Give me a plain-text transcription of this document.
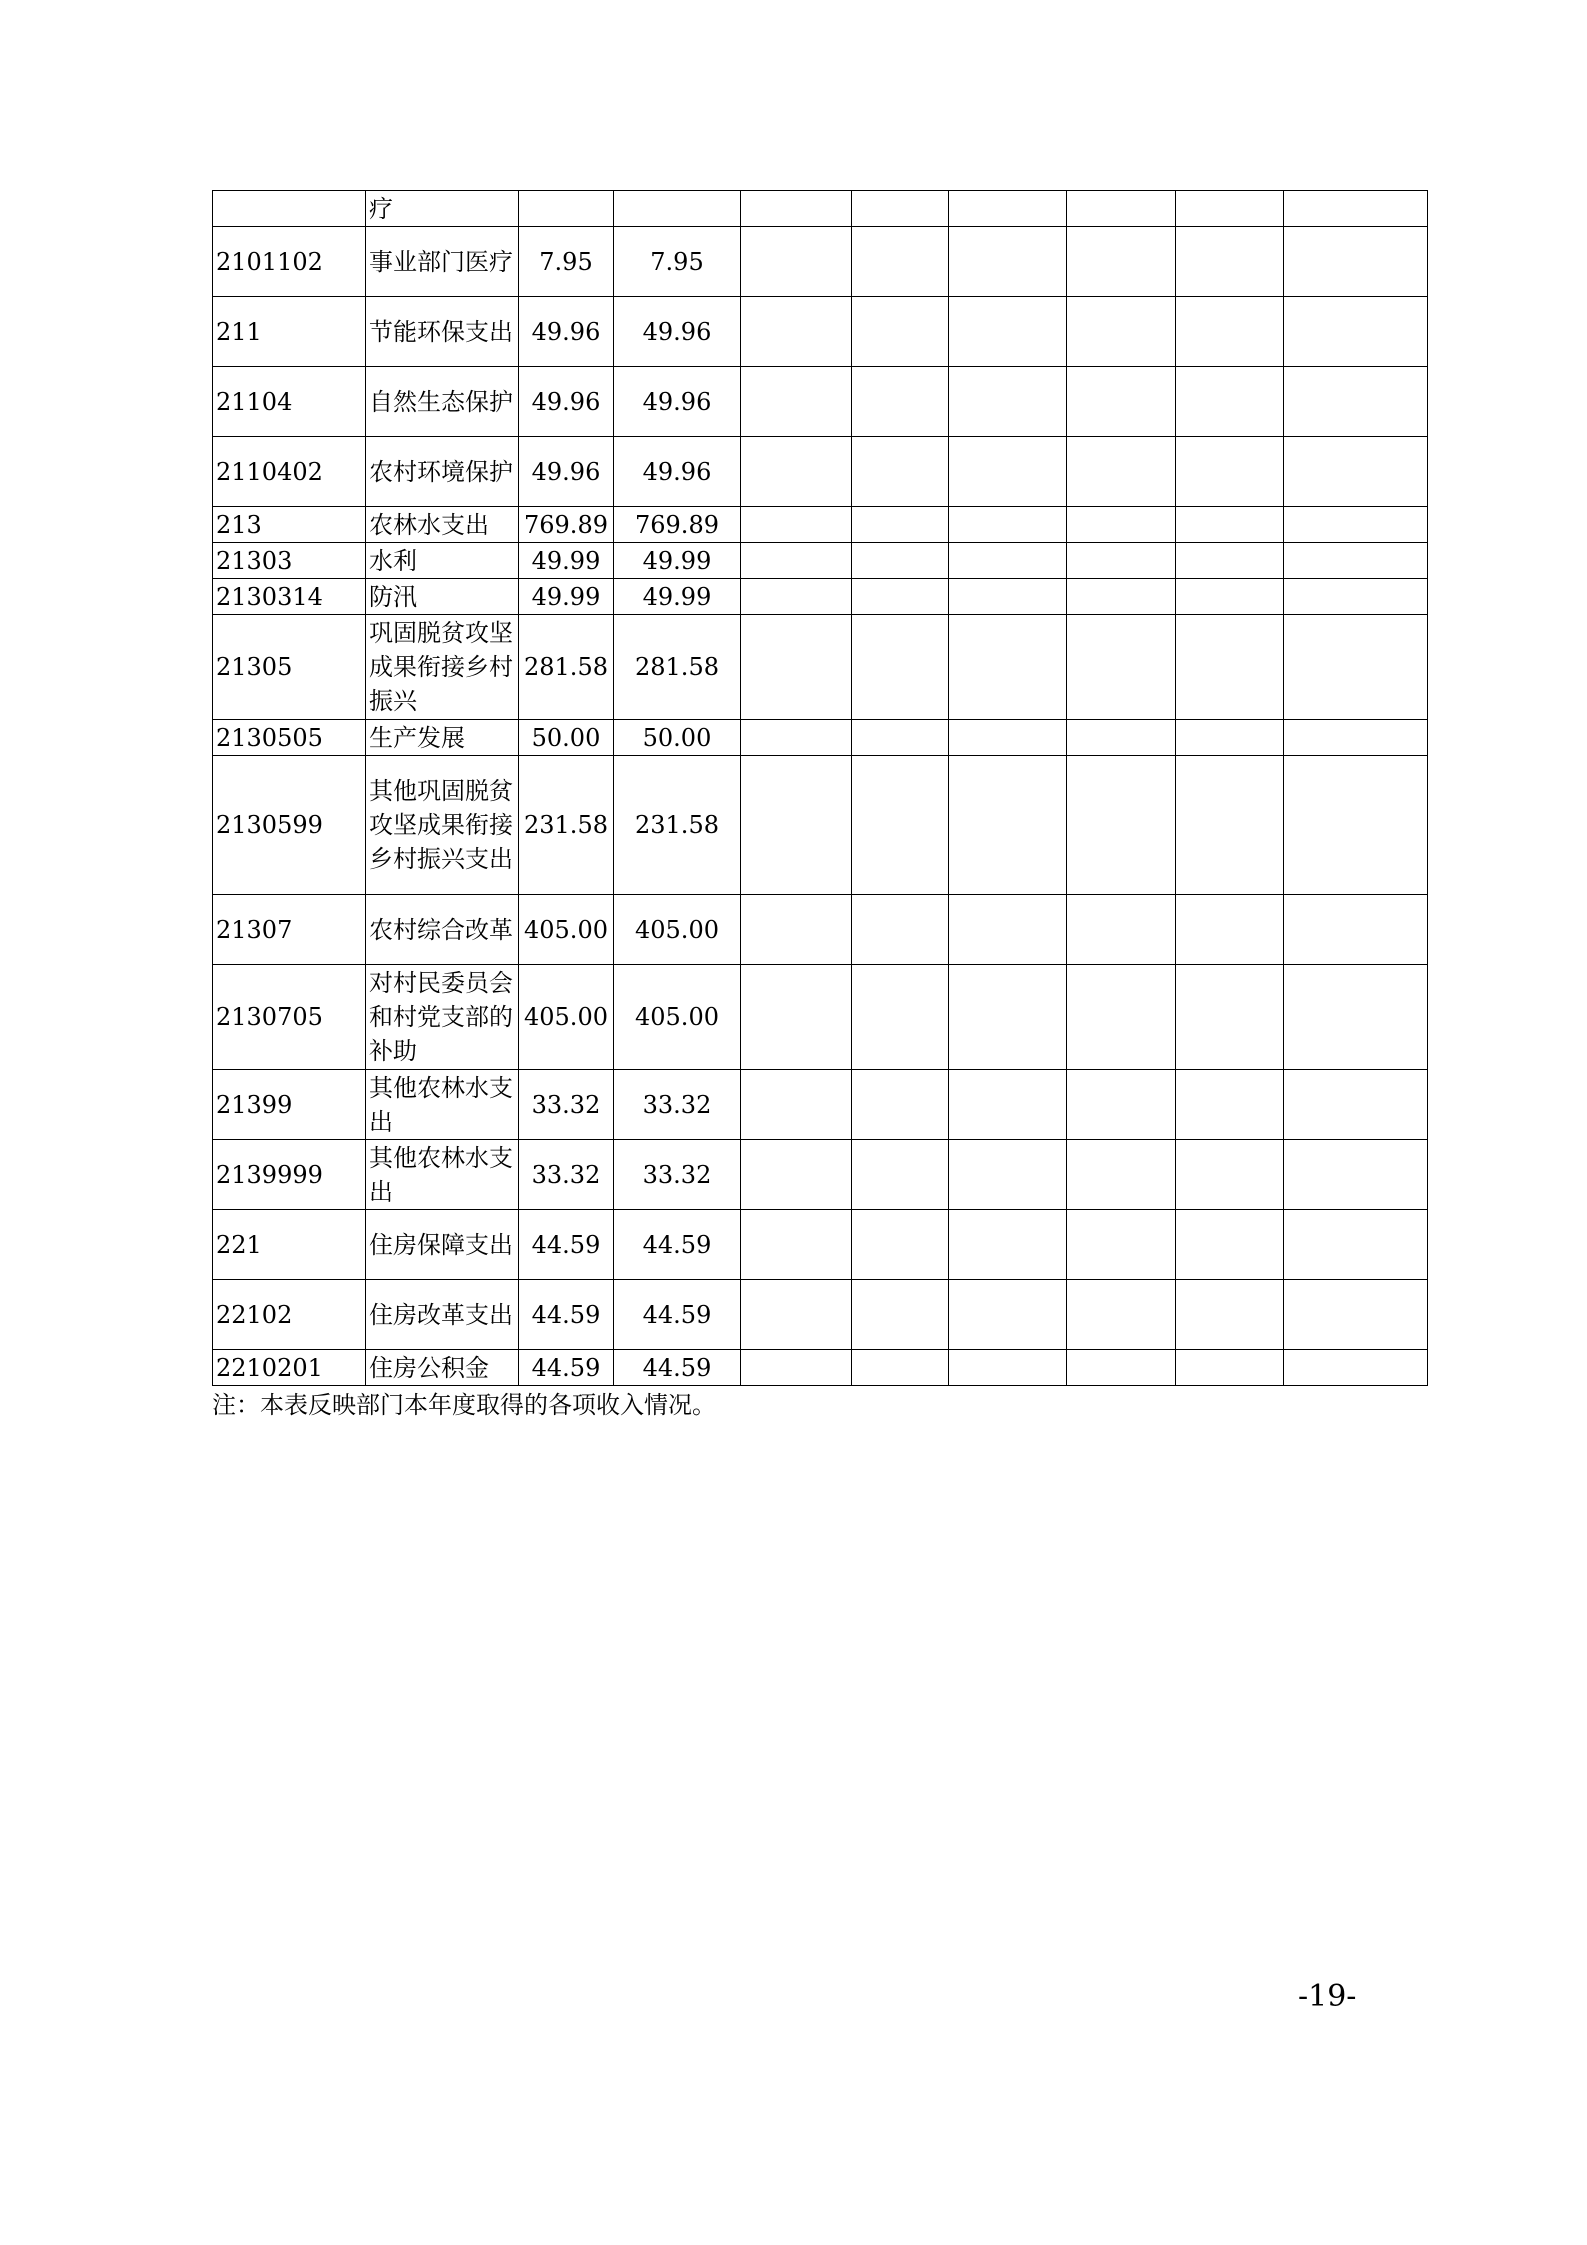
	疗								
2101102	事业部门医疗	7.95	7.95						
211	节能环保支出	49.96	49.96						
21104	自然生态保护	49.96	49.96						
2110402	农村环境保护	49.96	49.96						
213	农林水支出	769.89	769.89						
21303	水利	49.99	49.99						
2130314	防汛	49.99	49.99						
21305	巩固脱贫攻坚成果衔接乡村振兴	281.58	281.58						
2130505	生产发展	50.00	50.00						
2130599	其他巩固脱贫攻坚成果衔接乡村振兴支出	231.58	231.58						
21307	农村综合改革	405.00	405.00						
2130705	对村民委员会和村党支部的补助	405.00	405.00						
21399	其他农林水支出	33.32	33.32						
2139999	其他农林水支出	33.32	33.32						
221	住房保障支出	44.59	44.59						
22102	住房改革支出	44.59	44.59						
2210201	住房公积金	44.59	44.59						
注：本表反映部门本年度取得的各项收入情况。
-19-
